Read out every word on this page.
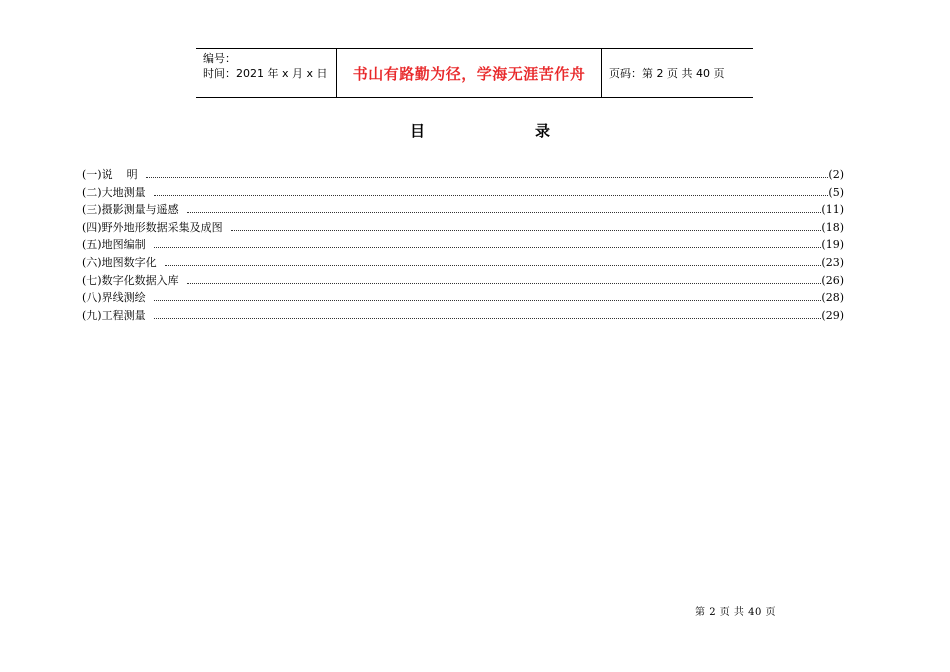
编号：
时间：2021 年 x 月 x 日	书山有路勤为径，学海无涯苦作舟	页码：第 2 页 共 40 页
目	录
(一)说    明	(2)
(二)大地测量	(5)
(三)摄影测量与遥感	(11)
(四)野外地形数据采集及成图	(18)
(五)地图编制	(19)
(六)地图数字化	(23)
(七)数字化数据入库	(26)
(八)界线测绘	(28)
(九)工程测量	(29)
第 2 页 共 40 页
